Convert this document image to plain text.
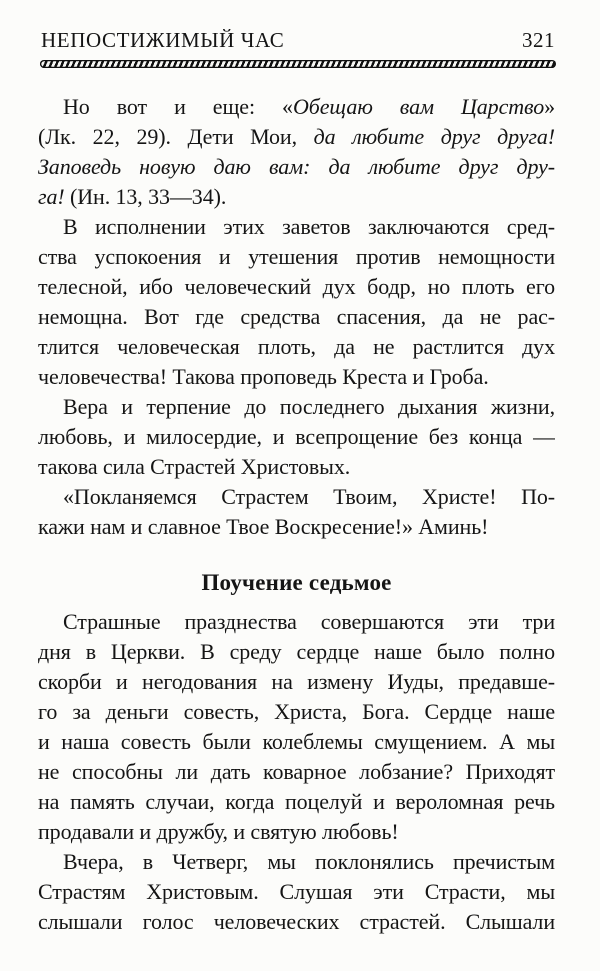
НЕПОСТИЖИМЫЙ ЧАС	321
Но вот и еще: «Обещаю вам Царство»
(Лк. 22, 29). Дети Мои, да любите друг друга!
Заповедь новую даю вам: да любите друг дру-
га! (Ин. 13, 33—34).
В исполнении этих заветов заключаются сред-
ства успокоения и утешения против немощности
телесной, ибо человеческий дух бодр, но плоть его
немощна. Вот где средства спасения, да не рас-
тлится человеческая плоть, да не растлится дух
человечества! Такова проповедь Креста и Гроба.
Вера и терпение до последнего дыхания жизни,
любовь, и милосердие, и всепрощение без конца —
такова сила Страстей Христовых.
«Покланяемся Страстем Твоим, Христе! По-
кажи нам и славное Твое Воскресение!» Аминь!
Поучение седьмое
Страшные празднества совершаются эти три
дня в Церкви. В среду сердце наше было полно
скорби и негодования на измену Иуды, предавше-
го за деньги совесть, Христа, Бога. Сердце наше
и наша совесть были колеблемы смущением. А мы
не способны ли дать коварное лобзание? Приходят
на память случаи, когда поцелуй и вероломная речь
продавали и дружбу, и святую любовь!
Вчера, в Четверг, мы поклонялись пречистым
Страстям Христовым. Слушая эти Страсти, мы
слышали голос человеческих страстей. Слышали
